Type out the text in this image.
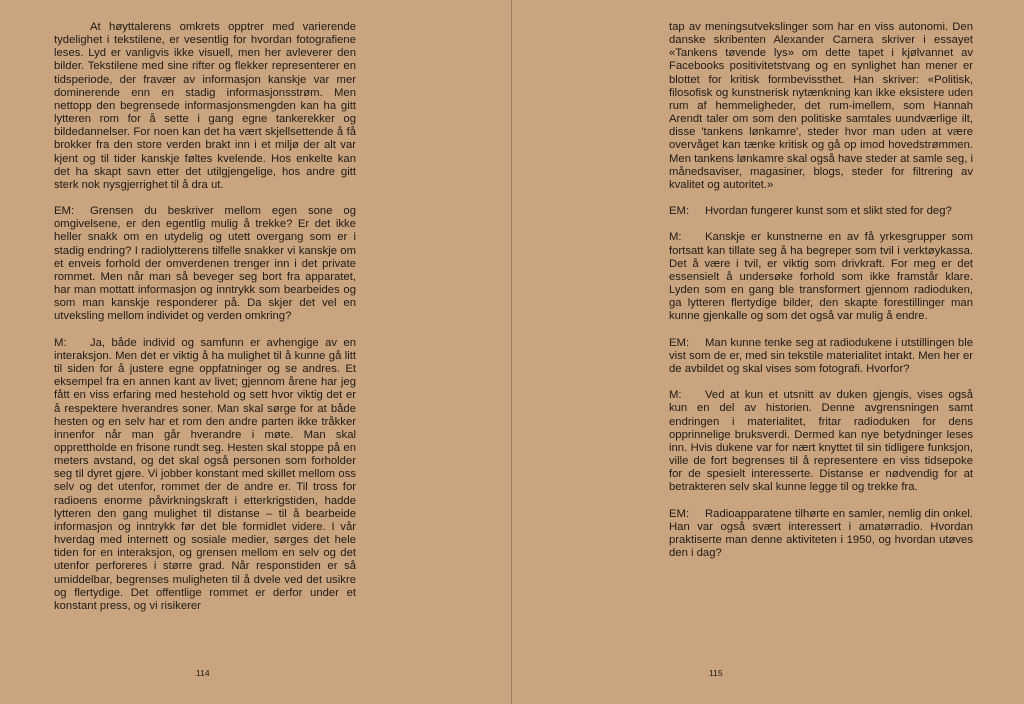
At høyttalerens omkrets opptrer med varierende tydelighet i tekstilene, er vesentlig for hvordan fotografiene leses. Lyd er vanligvis ikke visuell, men her avleverer den bilder. Tekstilene med sine rifter og flekker representerer en tidsperiode, der fravær av informasjon kanskje var mer dominerende enn en stadig informasjonsstrøm. Men nettopp den begrensede informasjonsmengden kan ha gitt lytteren rom for å sette i gang egne tankerekker og bildedannelser. For noen kan det ha vært skjellsettende å få brokker fra den store verden brakt inn i et miljø der alt var kjent og til tider kanskje føltes kvelende. Hos enkelte kan det ha skapt savn etter det utilgjengelige, hos andre gitt sterk nok nysgjerrighet til å dra ut.

EM: Grensen du beskriver mellom egen sone og omgivelsene, er den egentlig mulig å trekke? Er det ikke heller snakk om en utydelig og utett overgang som er i stadig endring? I radiolytterens tilfelle snakker vi kanskje om et enveis forhold der omverdenen trenger inn i det private rommet. Men når man så beveger seg bort fra apparatet, har man mottatt informasjon og inntrykk som bearbeides og som man kanskje responderer på. Da skjer det vel en utveksling mellom individet og verden omkring?

M: Ja, både individ og samfunn er avhengige av en interaksjon. Men det er viktig å ha mulighet til å kunne gå litt til siden for å justere egne oppfatninger og se andres. Et eksempel fra en annen kant av livet; gjennom årene har jeg fått en viss erfaring med hestehold og sett hvor viktig det er å respektere hverandres soner. Man skal sørge for at både hesten og en selv har et rom den andre parten ikke tråkker innenfor når man går hverandre i møte. Man skal opprettholde en frisone rundt seg. Hesten skal stoppe på en meters avstand, og det skal også personen som forholder seg til dyret gjøre. Vi jobber konstant med skillet mellom oss selv og det utenfor, rommet der de andre er. Til tross for radioens enorme påvirkningskraft i etterkrigstiden, hadde lytteren den gang mulighet til distanse – til å bearbeide informasjon og inntrykk før det ble formidlet videre. I vår hverdag med internett og sosiale medier, sørges det hele tiden for en interaksjon, og grensen mellom en selv og det utenfor perforeres i større grad. Når responstiden er så umiddelbar, begrenses muligheten til å dvele ved det usikre og flertydige. Det offentlige rommet er derfor under et konstant press, og vi risikerer

114

tap av meningsutvekslinger som har en viss autonomi. Den danske skribenten Alexander Carnera skriver i essayet «Tankens tøvende lys» om dette tapet i kjølvannet av Facebooks positivitetstvang og en synlighet han mener er blottet for kritisk formbevissthet. Han skriver: «Politisk, filosofisk og kunstnerisk nytænkning kan ikke eksistere uden rum af hemmeligheder, det rum-imellem, som Hannah Arendt taler om som den politiske samtales uundværlige ilt, disse 'tankens lønkamre', steder hvor man uden at være overvåget kan tænke kritisk og gå op imod hovedstrømmen. Men tankens lønkamre skal også have steder at samle seg, i månedsaviser, magasiner, blogs, steder for filtrering av kvalitet og autoritet.»

EM: Hvordan fungerer kunst som et slikt sted for deg?

M: Kanskje er kunstnerne en av få yrkesgrupper som fortsatt kan tillate seg å ha begreper som tvil i verktøykassa. Det å være i tvil, er viktig som drivkraft. For meg er det essensielt å undersøke forhold som ikke framstår klare. Lyden som en gang ble transformert gjennom radioduken, ga lytteren flertydige bilder, den skapte forestillinger man kunne gjenkalle og som det også var mulig å endre.

EM: Man kunne tenke seg at radiodukene i utstillingen ble vist som de er, med sin tekstile materialitet intakt. Men her er de avbildet og skal vises som fotografi. Hvorfor?

M: Ved at kun et utsnitt av duken gjengis, vises også kun en del av historien. Denne avgrensningen samt endringen i materialitet, fritar radioduken for dens opprinnelige bruksverdi. Dermed kan nye betydninger leses inn. Hvis dukene var for nært knyttet til sin tidligere funksjon, ville de fort begrenses til å representere en viss tidsepoke for de spesielt interesserte. Distanse er nødvendig for at betrakteren selv skal kunne legge til og trekke fra.

EM: Radioapparatene tilhørte en samler, nemlig din onkel. Han var også svært interessert i amatørradio. Hvordan praktiserte man denne aktiviteten i 1950, og hvordan utøves den i dag?

115
